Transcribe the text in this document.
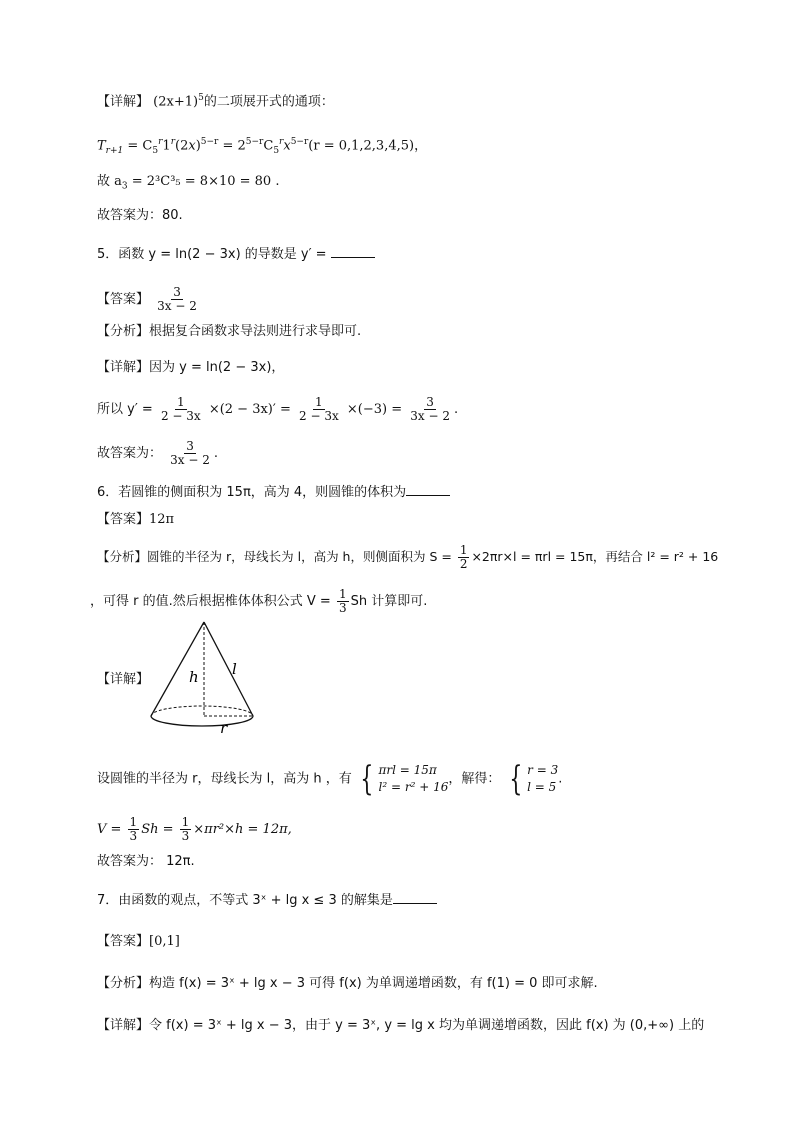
【详解】 $(2x+1)^5$的二项展开式的通项：
$T_{r+1} = C_5^r1^r(2x)^{5-r} = 2^{5-r}C_5^rx^{5-r}(r = 0,1,2,3,4,5)$，
故 $a_3 = 2^3C^3_5 = 8\times 10 = 80$ .
故答案为：80.
5．函数 y = ln(2 − 3x) 的导数是 y′ =
【答案】 $\frac{3}{3x - 2}$
【分析】根据复合函数求导法则进行求导即可.
【详解】因为 y = ln(2 − 3x)，
所以 $y' = \frac{1}{2 - 3x} \times(2 - 3x)' = \frac{1}{2 - 3x} \times(-3) = \frac{3}{3x - 2}$ .
故答案为： $\frac{3}{3x - 2}$ .
6．若圆锥的侧面积为 15π，高为 4，则圆锥的体积为
【答案】12π
【分析】圆锥的半径为 r，母线长为 l，高为 h，则侧面积为 $S = \frac{1}{2} \times 2\pi r\times l = \pi rl = 15\pi$，再结合 l² = r² + 16
，可得 r 的值.然后根据椎体体积公式 $V = \frac{1}{3}$ Sh 计算即可.
【详解】	h l
r
设圆锥的半径为 r，母线长为 l，高为 h ，有 { πrl = 15π
l² = r² + 16
，解得： { r = 3
l = 5
.
$V = \frac{1}{3}$ $Sh = \frac{1}{3} \times\pi r^2\times h = 12\pi$,
故答案为： 12π.
7．由函数的观点，不等式 3ˣ + lg x ≤ 3 的解集是
【答案】[0,1]
【分析】构造 f(x) = 3ˣ + lg x − 3 可得 f(x) 为单调递增函数，有 f(1) = 0 即可求解.
【详解】令 f(x) = 3ˣ + lg x − 3，由于 y = 3ˣ, y = lg x 均为单调递增函数，因此 f(x) 为 (0,+∞) 上的
